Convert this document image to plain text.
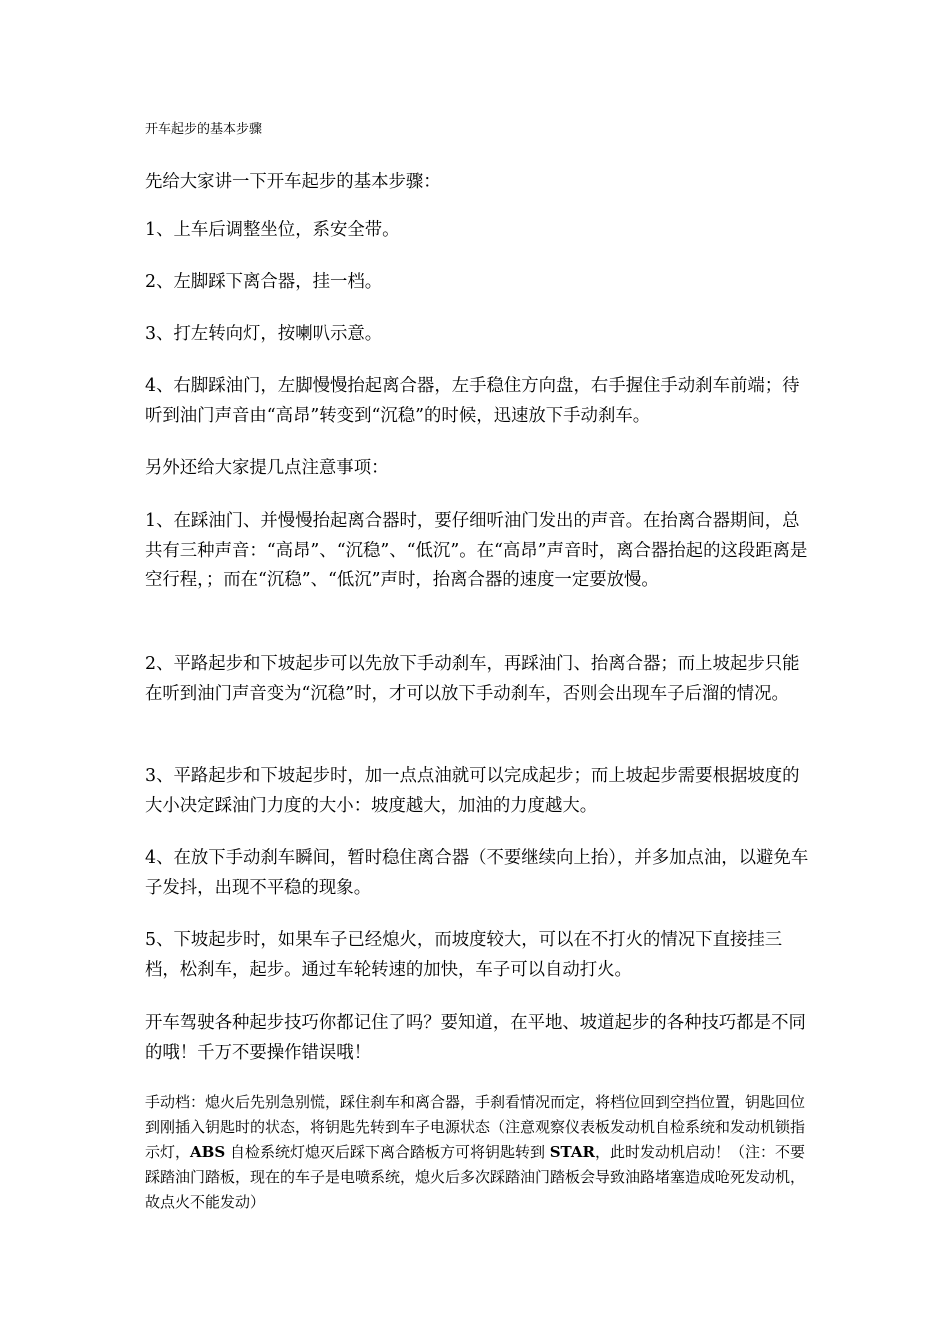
开车起步的基本步骤

先给大家讲一下开车起步的基本步骤：

1、上车后调整坐位，系安全带。

2、左脚踩下离合器，挂一档。

3、打左转向灯，按喇叭示意。

4、右脚踩油门，左脚慢慢抬起离合器，左手稳住方向盘，右手握住手动刹车前端；待听到油门声音由“高昂”转变到“沉稳”的时候，迅速放下手动刹车。

另外还给大家提几点注意事项：

1、在踩油门、并慢慢抬起离合器时，要仔细听油门发出的声音。在抬离合器期间，总共有三种声音：“高昂”、“沉稳”、“低沉”。在“高昂”声音时，离合器抬起的这段距离是空行程，；而在“沉稳”、“低沉”声时，抬离合器的速度一定要放慢。

2、平路起步和下坡起步可以先放下手动刹车，再踩油门、抬离合器；而上坡起步只能在听到油门声音变为“沉稳”时，才可以放下手动刹车，否则会出现车子后溜的情况。

3、平路起步和下坡起步时，加一点点油就可以完成起步；而上坡起步需要根据坡度的大小决定踩油门力度的大小：坡度越大，加油的力度越大。

4、在放下手动刹车瞬间，暂时稳住离合器（不要继续向上抬），并多加点油，以避免车子发抖，出现不平稳的现象。

5、下坡起步时，如果车子已经熄火，而坡度较大，可以在不打火的情况下直接挂三档，松刹车，起步。通过车轮转速的加快，车子可以自动打火。

开车驾驶各种起步技巧你都记住了吗？要知道，在平地、坡道起步的各种技巧都是不同的哦！千万不要操作错误哦！

手动档：熄火后先别急别慌，踩住刹车和离合器，手刹看情况而定，将档位回到空挡位置，钥匙回位到刚插入钥匙时的状态，将钥匙先转到车子电源状态（注意观察仪表板发动机自检系统和发动机锁指示灯，ABS 自检系统灯熄灭后踩下离合踏板方可将钥匙转到 STAR，此时发动机启动！（注：不要踩踏油门踏板，现在的车子是电喷系统，熄火后多次踩踏油门踏板会导致油路堵塞造成呛死发动机，故点火不能发动）
